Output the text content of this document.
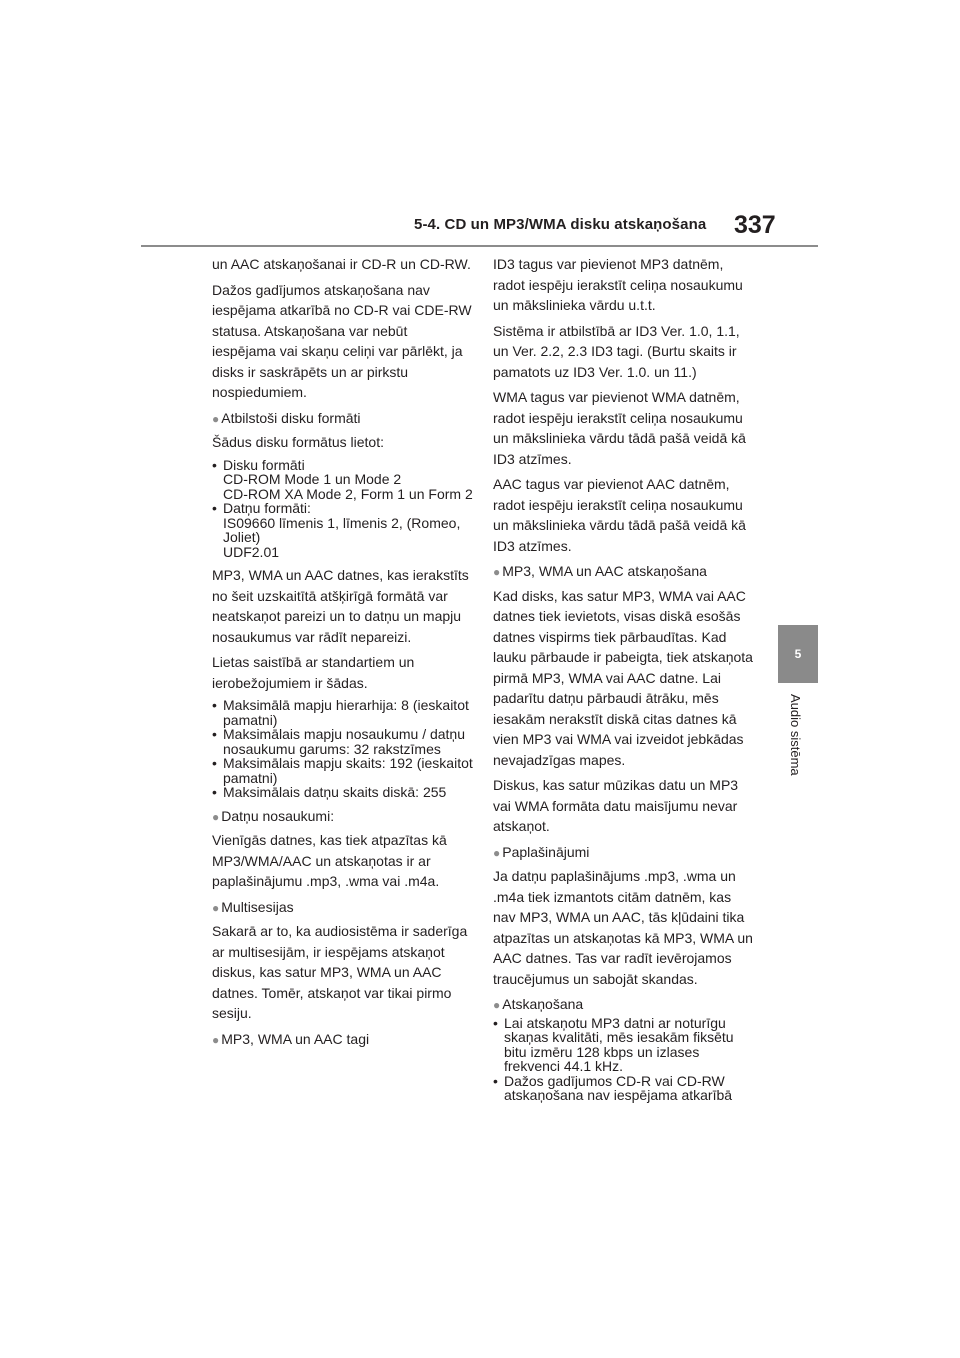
5-4. CD un MP3/WMA disku atskaņošana 337
5
Audio sistēma

un AAC atskaņošanai ir CD-R un CD-RW.

Dažos gadījumos atskaņošana nav iespējama atkarībā no CD-R vai CDE-RW statusa. Atskaņošana var nebūt iespējama vai skaņu celiņi var pārlēkt, ja disks ir saskrāpēts un ar pirkstu nospiedumiem.

● Atbilstoši disku formāti

Šādus disku formātus lietot:

• Disku formāti
CD-ROM Mode 1 un Mode 2
CD-ROM XA Mode 2, Form 1 un Form 2
• Datņu formāti:
IS09660 līmenis 1, līmenis 2, (Romeo, Joliet)
UDF2.01

MP3, WMA un AAC datnes, kas ierakstīts no šeit uzskaitītā atšķirīgā formātā var neatskaņot pareizi un to datņu un mapju nosaukumus var rādīt nepareizi.

Lietas saistībā ar standartiem un ierobežojumiem ir šādas.

• Maksimālā mapju hierarhija: 8 (ieskaitot pamatni)
• Maksimālais mapju nosaukumu / datņu nosaukumu garums: 32 rakstzīmes
• Maksimālais mapju skaits: 192 (ieskaitot pamatni)
• Maksimālais datņu skaits diskā: 255

● Datņu nosaukumi:

Vienīgās datnes, kas tiek atpazītas kā MP3/WMA/AAC un atskaņotas ir ar paplašinājumu .mp3, .wma vai .m4a.

● Multisesijas

Sakarā ar to, ka audiosistēma ir saderīga ar multisesijām, ir iespējams atskaņot diskus, kas satur MP3, WMA un AAC datnes. Tomēr, atskaņot var tikai pirmo sesiju.

● MP3, WMA un AAC tagi

ID3 tagus var pievienot MP3 datnēm, radot iespēju ierakstīt celiņa nosaukumu un mākslinieka vārdu u.t.t.

Sistēma ir atbilstībā ar ID3 Ver. 1.0, 1.1, un Ver. 2.2, 2.3 ID3 tagi. (Burtu skaits ir pamatots uz ID3 Ver. 1.0. un 11.)

WMA tagus var pievienot WMA datnēm, radot iespēju ierakstīt celiņa nosaukumu un mākslinieka vārdu tādā pašā veidā kā ID3 atzīmes.

AAC tagus var pievienot AAC datnēm, radot iespēju ierakstīt celiņa nosaukumu un mākslinieka vārdu tādā pašā veidā kā ID3 atzīmes.

● MP3, WMA un AAC atskaņošana

Kad disks, kas satur MP3, WMA vai AAC datnes tiek ievietots, visas diskā esošās datnes vispirms tiek pārbaudītas. Kad lauku pārbaude ir pabeigta, tiek atskaņota pirmā MP3, WMA vai AAC datne. Lai padarītu datņu pārbaudi ātrāku, mēs iesakām nerakstīt diskā citas datnes kā vien MP3 vai WMA vai izveidot jebkādas nevajadzīgas mapes.

Diskus, kas satur mūzikas datu un MP3 vai WMA formāta datu maisījumu nevar atskaņot.

● Paplašinājumi

Ja datņu paplašinājums .mp3, .wma un .m4a tiek izmantots citām datnēm, kas nav MP3, WMA un AAC, tās kļūdaini tika atpazītas un atskaņotas kā MP3, WMA un AAC datnes. Tas var radīt ievērojamos traucējumus un sabojāt skandas.

● Atskaņošana

• Lai atskaņotu MP3 datni ar noturīgu skaņas kvalitāti, mēs iesakām fiksētu bitu izmēru 128 kbps un izlases frekvenci 44.1 kHz.
• Dažos gadījumos CD-R vai CD-RW atskaņošana nav iespējama atkarībā
